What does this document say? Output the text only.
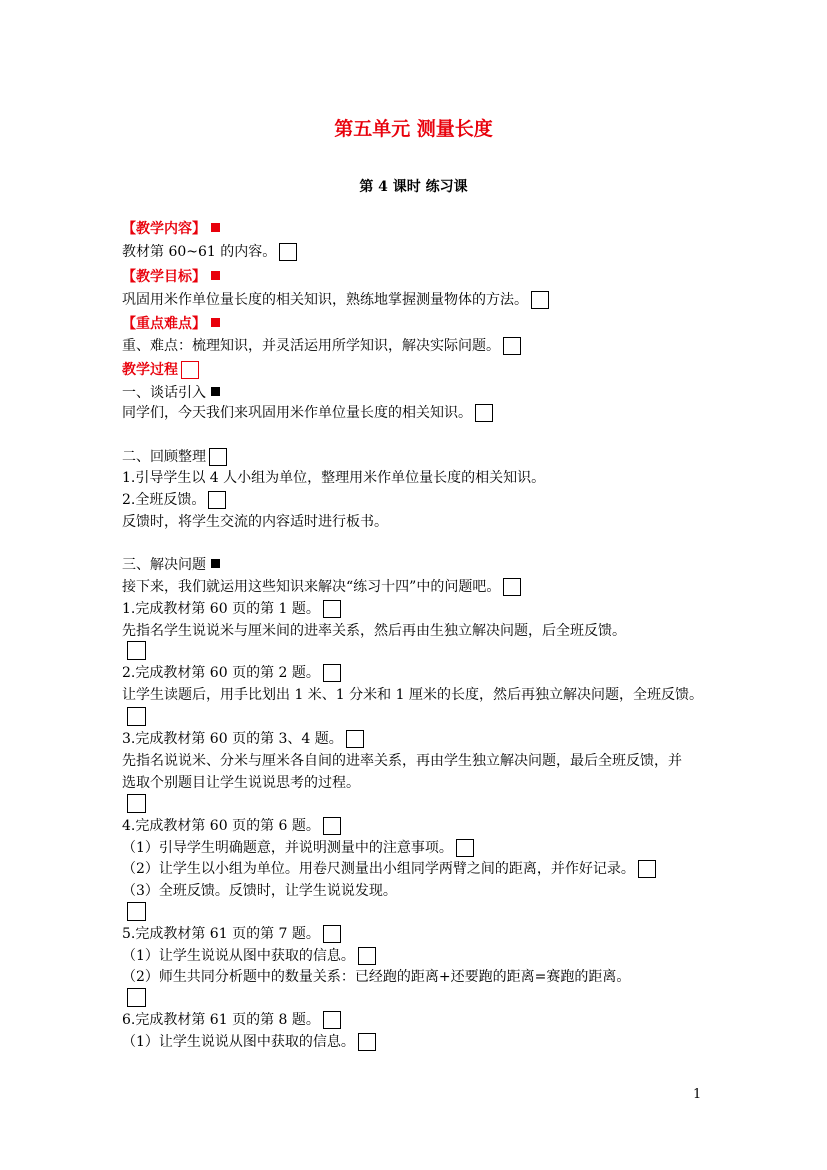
第五单元 测量长度
第 4 课时 练习课
【教学内容】
教材第 60~61 的内容。
【教学目标】
巩固用米作单位量长度的相关知识，熟练地掌握测量物体的方法。
【重点难点】
重、难点：梳理知识，并灵活运用所学知识，解决实际问题。
教学过程
一、谈话引入
同学们，今天我们来巩固用米作单位量长度的相关知识。
二、回顾整理
1.引导学生以 4 人小组为单位，整理用米作单位量长度的相关知识。
2.全班反馈。
反馈时，将学生交流的内容适时进行板书。
三、解决问题
接下来，我们就运用这些知识来解决“练习十四”中的问题吧。
1.完成教材第 60 页的第 1 题。
先指名学生说说米与厘米间的进率关系，然后再由生独立解决问题，后全班反馈。
2.完成教材第 60 页的第 2 题。
让学生读题后，用手比划出 1 米、1 分米和 1 厘米的长度，然后再独立解决问题，全班反馈。
3.完成教材第 60 页的第 3、4 题。
先指名说说米、分米与厘米各自间的进率关系，再由学生独立解决问题，最后全班反馈，并
选取个别题目让学生说说思考的过程。
4.完成教材第 60 页的第 6 题。
（1）引导学生明确题意，并说明测量中的注意事项。
（2）让学生以小组为单位。用卷尺测量出小组同学两臂之间的距离，并作好记录。
（3）全班反馈。反馈时，让学生说说发现。
5.完成教材第 61 页的第 7 题。
（1）让学生说说从图中获取的信息。
（2）师生共同分析题中的数量关系：已经跑的距离+还要跑的距离=赛跑的距离。
6.完成教材第 61 页的第 8 题。
（1）让学生说说从图中获取的信息。
1
